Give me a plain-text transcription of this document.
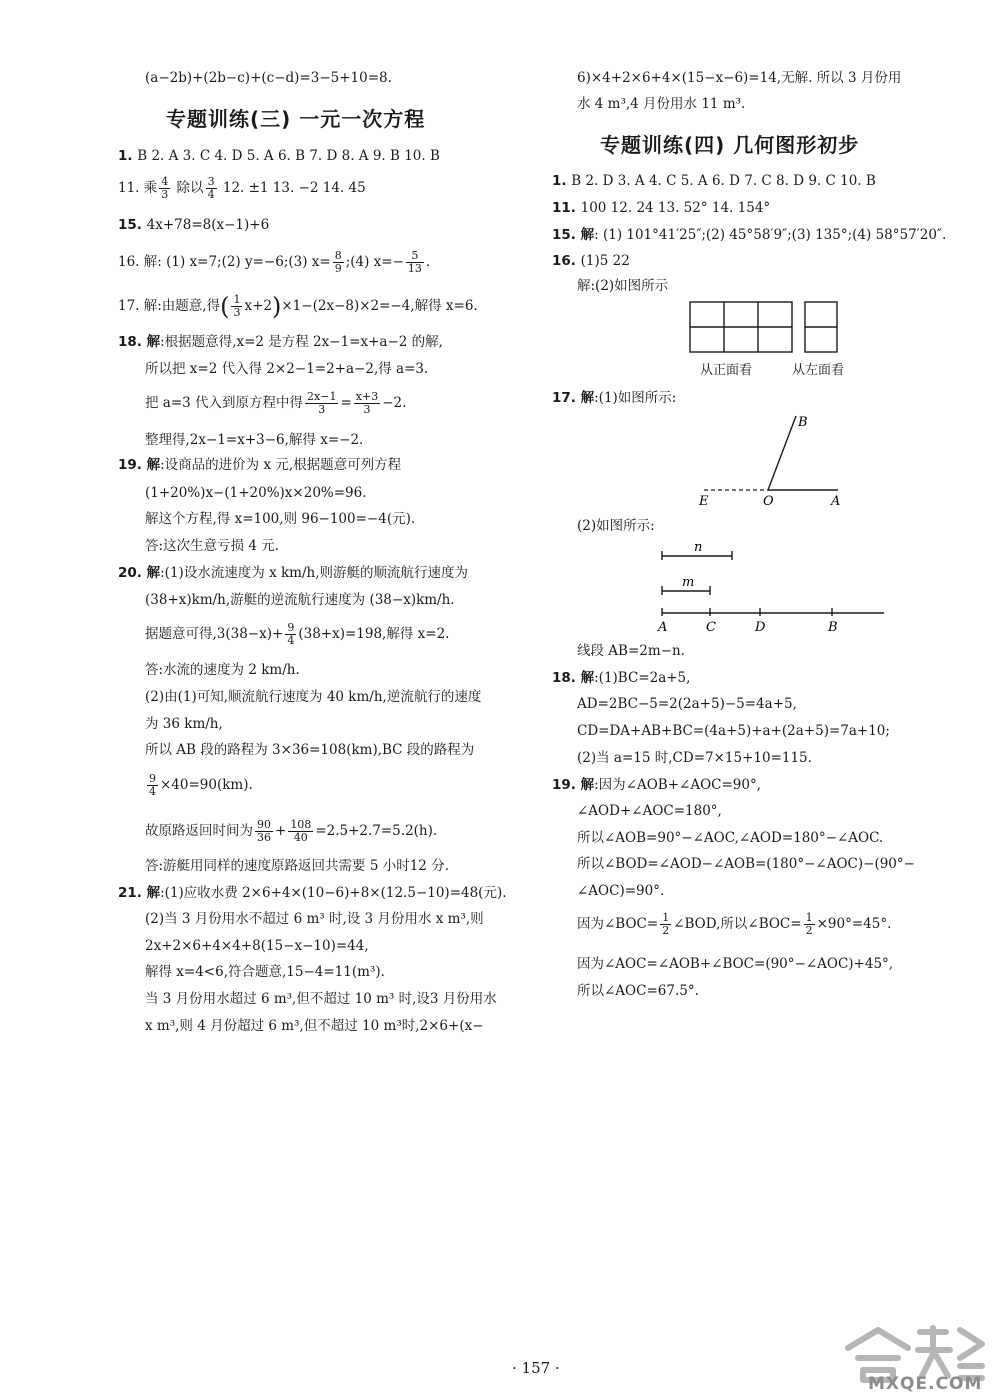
(a−2b)+(2b−c)+(c−d)=3−5+10=8.
专题训练(三) 一元一次方程
1. B 2. A 3. C 4. D 5. A 6. B 7. D 8. A 9. B 10. B
11. 乘 $\frac{4}{3}$ 除以 $\frac{3}{4} 12$. ±1 13. −2 14. 45
15. 4x+78=8(x−1)+6
16. 解: (1) x=7;(2) y=−6;(3) $x= \frac{8}{9}$ ;(4) $x=- \frac{5}{13}$ .
17. 解:由题意,得( $\frac{1}{3} x+2)\times 1-(2x-8)\times 2=-4$,解得 x=6.
18. 解:根据题意得,x=2 是方程 2x−1=x+a−2 的解,
所以把 x=2 代入得 2×2−1=2+a−2,得 a=3.
把 a=3 代入到原方程中得 $\frac{2x-1}{3} = \frac{x+3}{3} -2$.
整理得,2x−1=x+3−6,解得 x=−2.
19. 解:设商品的进价为 x 元,根据题意可列方程
(1+20%)x−(1+20%)x×20%=96.
解这个方程,得 x=100,则 96−100=−4(元).
答:这次生意亏损 4 元.
20. 解:(1)设水流速度为 x km/h,则游艇的顺流航行速度为
(38+x)km/h,游艇的逆流航行速度为 (38−x)km/h.
据题意可得$,3(38-x)+ \frac{9}{4} (38+x)=198$,解得 x=2.
答:水流的速度为 2 km/h.
(2)由(1)可知,顺流航行速度为 40 km/h,逆流航行的速度
为 36 km/h,
所以 AB 段的路程为 3×36=108(km),BC 段的路程为
$\frac{9}{4} \times 40=90(km)$.
故原路返回时间为 $\frac{90}{36} + \frac{108}{40} =2.5+2.7=5.2(h)$.
答:游艇用同样的速度原路返回共需要 5 小时12 分.
21. 解:(1)应收水费 2×6+4×(10−6)+8×(12.5−10)=48(元).
(2)当 3 月份用水不超过 6 m³ 时,设 3 月份用水 x m³,则
2x+2×6+4×4+8(15−x−10)=44,
解得 x=4<6,符合题意,15−4=11(m³).
当 3 月份用水超过 6 m³,但不超过 10 m³ 时,设3 月份用水
x m³,则 4 月份超过 6 m³,但不超过 10 m³时,2×6+(x−
6)×4+2×6+4×(15−x−6)=14,无解. 所以 3 月份用
水 4 m³,4 月份用水 11 m³.
专题训练(四) 几何图形初步
1. B 2. D 3. A 4. C 5. A 6. D 7. C 8. D 9. C 10. B
11. 100 12. 24 13. 52° 14. 154°
15. 解: (1) 101°41′25″;(2) 45°58′9″;(3) 135°;(4) 58°57′20″.
16. (1)5 22
解:(2)如图所示
从正面看	从左面看
17. 解:(1)如图所示:
B
E	O	A
(2)如图所示:
n
m
A	C	D	B
线段 AB=2m−n.
18. 解:(1)BC=2a+5,
AD=2BC−5=2(2a+5)−5=4a+5,
CD=DA+AB+BC=(4a+5)+a+(2a+5)=7a+10;
(2)当 a=15 时,CD=7×15+10=115.
19. 解:因为∠AOB+∠AOC=90°,
∠AOD+∠AOC=180°,
所以∠AOB=90°−∠AOC,∠AOD=180°−∠AOC.
所以∠BOD=∠AOD−∠AOB=(180°−∠AOC)−(90°−
∠AOC)=90°.
因为∠BOC= $\frac{1}{2}$ ∠BOD,所以∠BOC= $\frac{1}{2} \times 90^\circ=45^\circ$.
因为∠AOC=∠AOB+∠BOC=(90°−∠AOC)+45°,
所以∠AOC=67.5°.
· 157 ·
MXQE.COM
